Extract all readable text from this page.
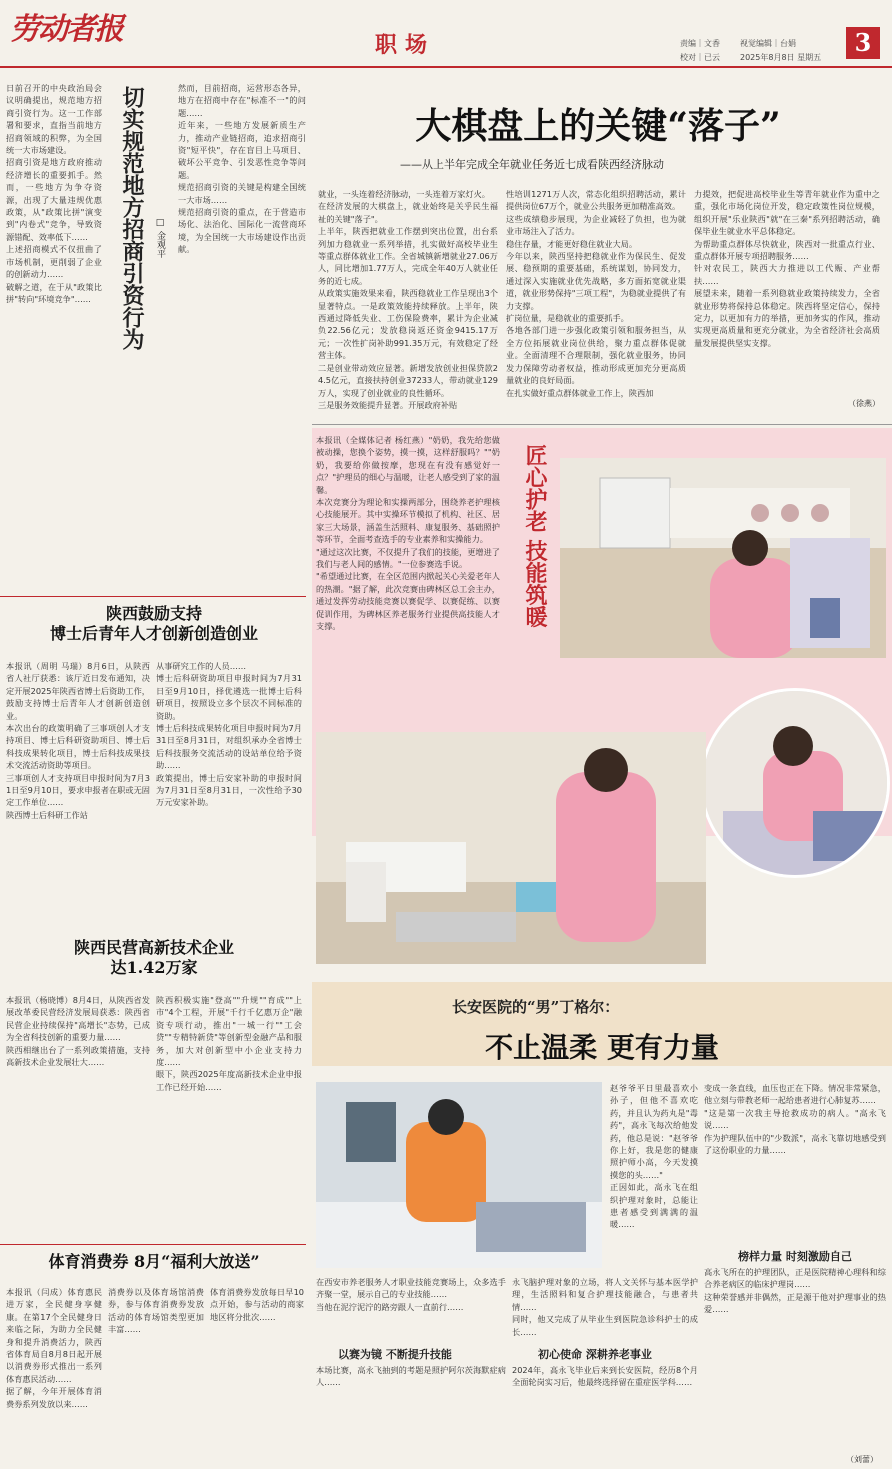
劳动者报	职场	责编｜文香
校对｜已云
视觉编辑｜台娟
2025年8月8日 星期五
3
日前召开的中央政治局会议明确提出，规范地方招商引资行为。这一工作部署和要求，直指当前地方招商领域的积弊，为全国统一大市场建设。
招商引资是地方政府推动经济增长的重要抓手。然而，一些地方为争夺资源，出现了大量违规优惠政策，从"政策比拼"演变到"内卷式"竞争，导致资源错配、效率低下……
上述招商模式不仅扭曲了市场机制，更削弱了企业的创新动力……
破解之道，在于从"政策比拼"转向"环境竞争"……	切实规范地方招商引资行为 □ 金观平
然而，目前招商，运营形态各异，地方在招商中存在"标准不一"的问题……
近年来，一些地方发展新质生产力，推动产业链招商，追求招商引资"短平快"，存在盲目上马项目、破坏公平竞争、引发恶性竞争等问题。
规范招商引资的关键是构建全国统一大市场……
规范招商引资的重点，在于营造市场化、法治化、国际化一流营商环境，为全国统一大市场建设作出贡献。
大棋盘上的关键“落子”
——从上半年完成全年就业任务近七成看陕西经济脉动
就业，一头连着经济脉动，一头连着万家灯火。
在经济发展的大棋盘上，就业始终是关乎民生福祉的关键"落子"。
上半年，陕西把就业工作摆到突出位置，出台系列加力稳就业一系列举措，扎实做好高校毕业生等重点群体就业工作。全省城镇新增就业27.06万人，同比增加1.77万人，完成全年40万人就业任务的近七成。
从政策实施效果来看，陕西稳就业工作呈现出3个显著特点。一是政策效能持续释放。上半年，陕西通过降低失业、工伤保险费率，累计为企业减负22.56亿元；发放稳岗返还资金9415.17万元；一次性扩岗补助991.35万元，有效稳定了经营主体。
二是创业带动效应显著。新增发放创业担保贷款24.5亿元，直接扶持创业37233人，带动就业129万人，实现了创业就业的良性循环。
三是服务效能提升显著。开展政府补贴
性培训1271万人次，常态化组织招聘活动，累计提供岗位67万个，就业公共服务更加精准高效。
这些成绩稳步展现，为企业减轻了负担，也为就业市场注入了活力。
稳住存量，才能更好稳住就业大局。
今年以来，陕西坚持把稳就业作为保民生、促发展、稳预期的重要基础，系统谋划，协同发力，通过深入实施就业优先战略，多方面拓宽就业渠道，就业形势保持"三项工程"，为稳就业提供了有力支撑。
扩岗位量，是稳就业的重要抓手。
各地各部门进一步强化政策引领和服务担当，从全方位拓展就业岗位供给，聚力重点群体促就业。全面清理不合理限制，强化就业服务，协同发力保障劳动者权益，推动形成更加充分更高质量就业的良好局面。
在扎实做好重点群体就业工作上，陕西加
力提效，把促进高校毕业生等青年就业作为重中之重，强化市场化岗位开发，稳定政策性岗位规模，组织开展"乐业陕西"就"在三秦"系列招聘活动，确保毕业生就业水平总体稳定。
为帮助重点群体尽快就业，陕西对一批重点行业、重点群体开展专项招聘服务……
针对农民工，陕西大力推进以工代赈、产业帮扶……
展望未来，随着一系列稳就业政策持续发力，全省就业形势将保持总体稳定。陕西将坚定信心，保持定力，以更加有力的举措，更加务实的作风，推动实现更高质量和更充分就业，为全省经济社会高质量发展提供坚实支撑。
（徐燕）
本报讯（全媒体记者 杨红燕）"奶奶，我先给您做被动操，您换个姿势，摸一摸，这样舒服吗？""奶奶，我要给你做按摩，您现在有没有感觉好一点？"护理员的细心与温暖，让老人感受到了家的温馨。
本次竞赛分为理论和实操两部分，围绕养老护理核心技能展开。其中实操环节模拟了机构、社区、居家三大场景，涵盖生活照料、康复服务、基础照护等环节，全面考查选手的专业素养和实操能力。
"通过这次比赛，不仅提升了我们的技能，更增进了我们与老人间的感情。"一位参赛选手说。
"希望通过比赛，在全区范围内掀起关心关爱老年人的热潮。"据了解，此次竞赛由碑林区总工会主办，通过发挥劳动技能竞赛以赛促学、以赛促练、以赛促训作用，为碑林区养老服务行业提供高技能人才支撑。	匠心护老 技能筑暖
陕西鼓励支持
博士后青年人才创新创造创业
本报讯（周明 马瑞）8月6日，从陕西省人社厅获悉：该厅近日发布通知，决定开展2025年陕西省博士后资助工作，鼓励支持博士后青年人才创新创造创业。
本次出台的政策明确了三事项创人才支持项目、博士后科研资助项目、博士后科技成果转化项目，博士后科技成果技术交流活动资助等项目。
三事项创人才支持项目申报时间为7月31日至9月10日，要求申报者在职或无固定工作单位……
陕西博士后科研工作站
从事研究工作的人员……
博士后科研资助项目申报时间为7月31日至9月10日，择优遴选一批博士后科研项目，按照设立多个层次不同标准的资助。
博士后科技成果转化项目申报时间为7月31日至8月31日，对组织承办全省博士后科技服务交流活动的设站单位给予资助……
政策提出，博士后安家补助的申报时间为7月31日至8月31日，一次性给予30万元安家补助。
陕西民营高新技术企业
达1.42万家
本报讯（杨晓博）8月4日，从陕西省发展改革委民营经济发展局获悉：陕西省民营企业持续保持"高增长"态势，已成为全省科技创新的重要力量……
陕西相继出台了一系列政策措施，支持高新技术企业发展壮大……
陕西积极实施"登高""升规""育成""上市"4个工程，开展"千行千亿惠万企"融资专项行动，推出"一城一行""工会贷""专精特新贷"等创新型金融产品和服务，加大对创新型中小企业支持力度……
眼下，陕西2025年度高新技术企业申报工作已经开始……
体育消费券 8月“福利大放送”
本报讯（闫成）体育惠民进万家，全民健身享健康。在第17个全民健身日来临之际，为助力全民健身和提升消费活力，陕西省体育局自8月8日起开展以消费券形式推出一系列体育惠民活动……
据了解，今年开展体育消费券系列发放以来……
消费券以及体育场馆消费券，参与体育消费券发放活动的体育场馆类型更加丰富……
体育消费券发放每日早10点开始，参与活动的商家地区将分批次……
长安医院的“男”丁格尔：
不止温柔 更有力量
赵爷爷平日里最喜欢小孙子，但他不喜欢吃药，并且认为药丸是"毒药"，高永飞每次给他发药，他总是说："赵爷爷你上好，我是您的健康照护师小高，今天发摸摸您的头……"
正因如此，高永飞在组织护理对象时，总能让患者感受到满满的温暖……
在西安市养老服务人才职业技能竞赛场上，众多选手齐聚一堂，展示自己的专业技能……
当他在泥泞泥泞的路旁跟人一直前行……
永飞脑护理对象的立场，将人文关怀与基本医学护理，生活照料和复合护理技能融合，与患者共情……
同时，他又完成了从毕业生到医院急诊科护士的成长……
以赛为镜 不断提升技能
本场比赛，高永飞抽到的考题是照护阿尔茨海默症病人……
初心使命 深耕养老事业
2024年，高永飞毕业后来到长安医院，经历8个月全面轮岗实习后，他最终选择留在重症医学科……
变成一条直线，血压也正在下降。情况非常紧急，他立刻与带教老师一起给患者进行心肺复苏……
"这是第一次我主导抢救成功的病人。"高永飞说……
作为护理队伍中的"少数派"，高永飞靠切地感受到了这份职业的力量……
榜样力量 时刻激励自己
高永飞所在的护理团队，正是医院精神心理科和综合养老病区的临床护理岗……
这种荣誉感并非偶然，正是源于他对护理事业的热爱……
（刘蕾）
